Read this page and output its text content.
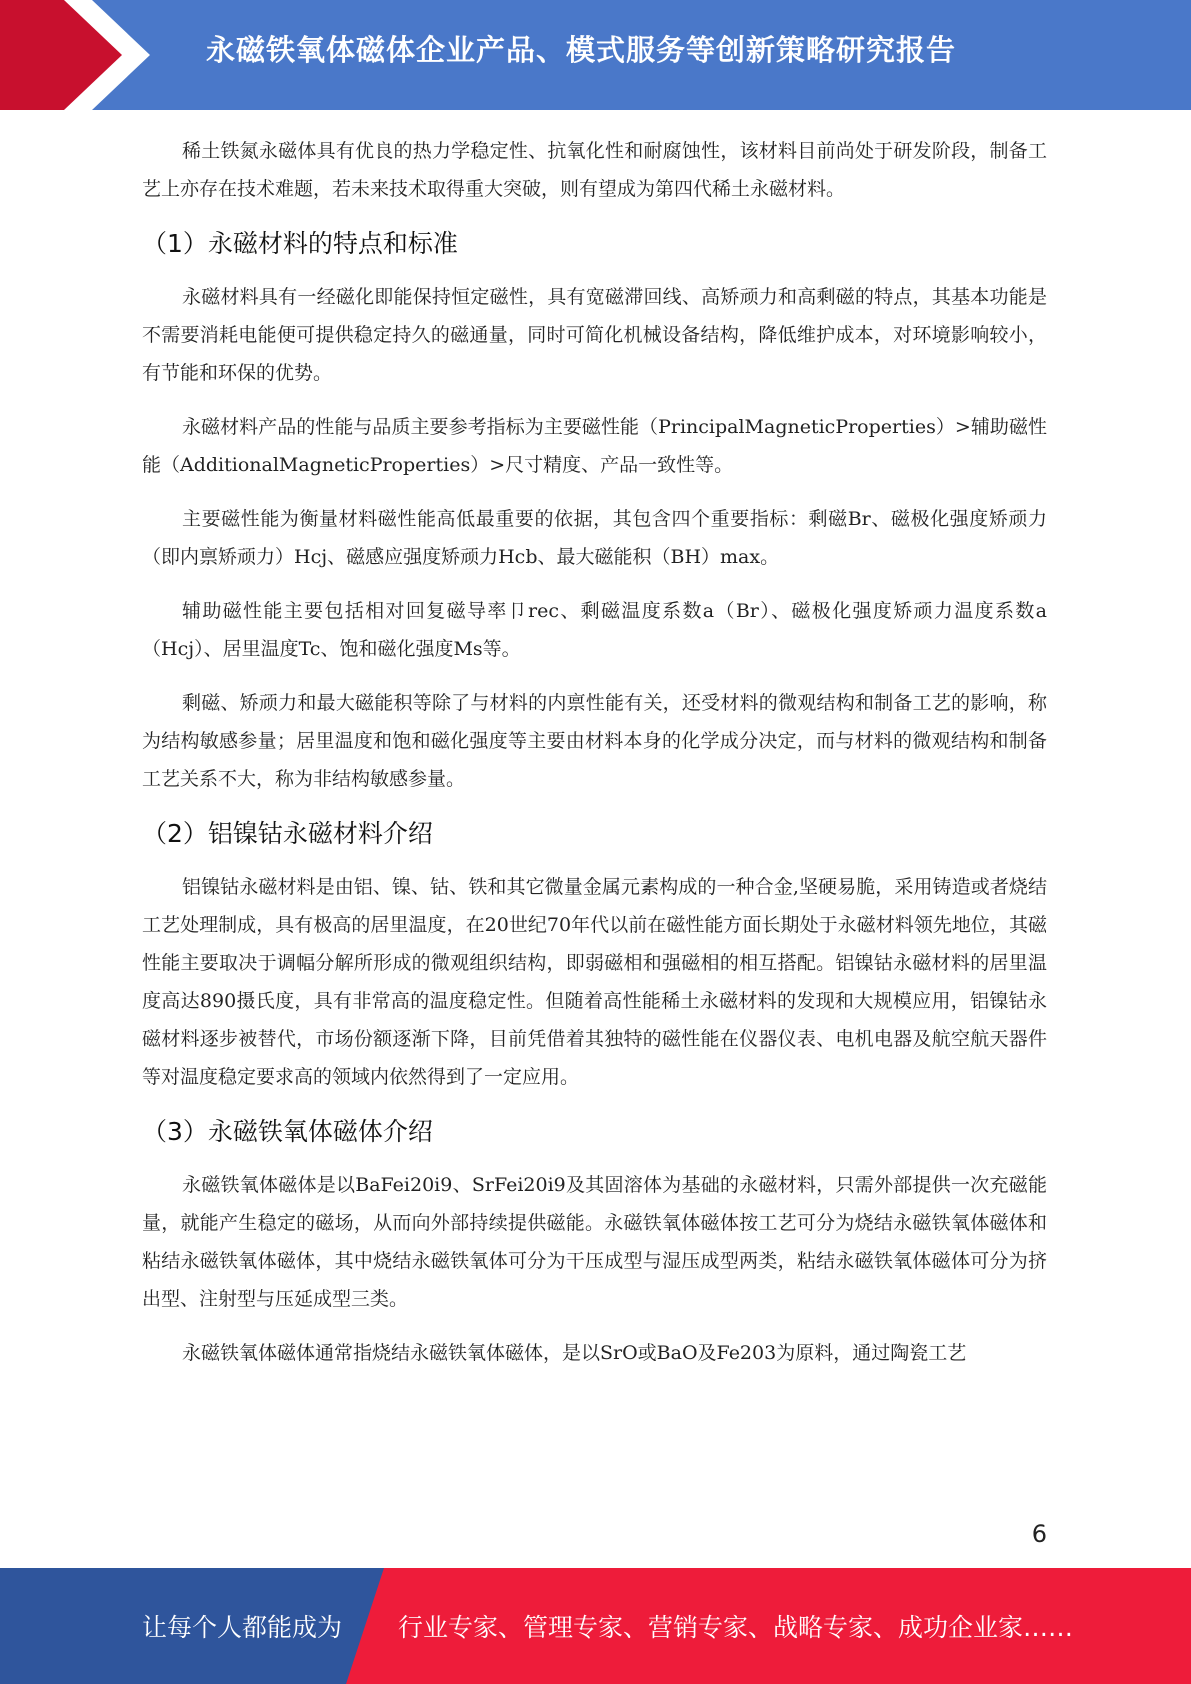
永磁铁氧体磁体企业产品、模式服务等创新策略研究报告

稀土铁氮永磁体具有优良的热力学稳定性、抗氧化性和耐腐蚀性，该材料目前尚处于研发阶段，制备工艺上亦存在技术难题，若未来技术取得重大突破，则有望成为第四代稀土永磁材料。

（1）永磁材料的特点和标准

永磁材料具有一经磁化即能保持恒定磁性，具有宽磁滞回线、高矫顽力和高剩磁的特点，其基本功能是不需要消耗电能便可提供稳定持久的磁通量，同时可简化机械设备结构，降低维护成本，对环境影响较小，有节能和环保的优势。

永磁材料产品的性能与品质主要参考指标为主要磁性能（PrincipalMagneticProperties）>辅助磁性能（AdditionalMagneticProperties）>尺寸精度、产品一致性等。

主要磁性能为衡量材料磁性能高低最重要的依据，其包含四个重要指标：剩磁Br、磁极化强度矫顽力（即内禀矫顽力）Hcj、磁感应强度矫顽力Hcb、最大磁能积（BH）max。

辅助磁性能主要包括相对回复磁导率卩rec、剩磁温度系数a（Br）、磁极化强度矫顽力温度系数a（Hcj）、居里温度Tc、饱和磁化强度Ms等。

剩磁、矫顽力和最大磁能积等除了与材料的内禀性能有关，还受材料的微观结构和制备工艺的影响，称为结构敏感参量；居里温度和饱和磁化强度等主要由材料本身的化学成分决定，而与材料的微观结构和制备工艺关系不大，称为非结构敏感参量。

（2）铝镍钴永磁材料介绍

铝镍钴永磁材料是由铝、镍、钴、铁和其它微量金属元素构成的一种合金,坚硬易脆，采用铸造或者烧结工艺处理制成，具有极高的居里温度，在20世纪70年代以前在磁性能方面长期处于永磁材料领先地位，其磁性能主要取决于调幅分解所形成的微观组织结构，即弱磁相和强磁相的相互搭配。铝镍钴永磁材料的居里温度高达890摄氏度，具有非常高的温度稳定性。但随着高性能稀土永磁材料的发现和大规模应用，铝镍钴永磁材料逐步被替代，市场份额逐渐下降，目前凭借着其独特的磁性能在仪器仪表、电机电器及航空航天器件等对温度稳定要求高的领域内依然得到了一定应用。

（3）永磁铁氧体磁体介绍

永磁铁氧体磁体是以BaFei20i9、SrFei20i9及其固溶体为基础的永磁材料，只需外部提供一次充磁能量，就能产生稳定的磁场，从而向外部持续提供磁能。永磁铁氧体磁体按工艺可分为烧结永磁铁氧体磁体和粘结永磁铁氧体磁体，其中烧结永磁铁氧体可分为干压成型与湿压成型两类，粘结永磁铁氧体磁体可分为挤出型、注射型与压延成型三类。

永磁铁氧体磁体通常指烧结永磁铁氧体磁体，是以SrO或BaO及Fe203为原料，通过陶瓷工艺

6
让每个人都能成为 行业专家、管理专家、营销专家、战略专家、成功企业家……
